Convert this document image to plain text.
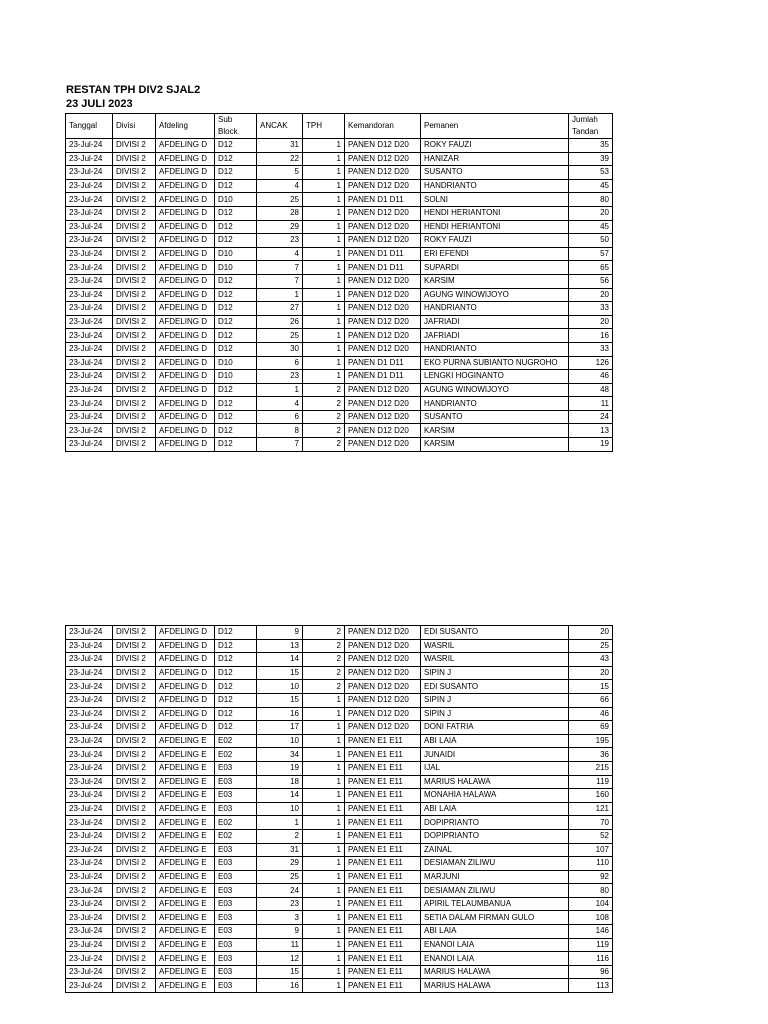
RESTAN TPH DIV2 SJAL2
23 JULI 2023
Tanggal	Divisi	Afdeling	Sub Block	ANCAK	TPH	Kemandoran	Pemanen	Jumlah Tandan
23-Jul-24	DIVISI 2	AFDELING D	D12	31	1	PANEN D12 D20	ROKY FAUZI	35
23-Jul-24	DIVISI 2	AFDELING D	D12	22	1	PANEN D12 D20	HANIZAR	39
23-Jul-24	DIVISI 2	AFDELING D	D12	5	1	PANEN D12 D20	SUSANTO	53
23-Jul-24	DIVISI 2	AFDELING D	D12	4	1	PANEN D12 D20	HANDRIANTO	45
23-Jul-24	DIVISI 2	AFDELING D	D10	25	1	PANEN D1 D11	SOLNI	80
23-Jul-24	DIVISI 2	AFDELING D	D12	28	1	PANEN D12 D20	HENDI HERIANTONI	20
23-Jul-24	DIVISI 2	AFDELING D	D12	29	1	PANEN D12 D20	HENDI HERIANTONI	45
23-Jul-24	DIVISI 2	AFDELING D	D12	23	1	PANEN D12 D20	ROKY FAUZI	50
23-Jul-24	DIVISI 2	AFDELING D	D10	4	1	PANEN D1 D11	ERI EFENDI	57
23-Jul-24	DIVISI 2	AFDELING D	D10	7	1	PANEN D1 D11	SUPARDI	65
23-Jul-24	DIVISI 2	AFDELING D	D12	7	1	PANEN D12 D20	KARSIM	56
23-Jul-24	DIVISI 2	AFDELING D	D12	1	1	PANEN D12 D20	AGUNG WINOWIJOYO	20
23-Jul-24	DIVISI 2	AFDELING D	D12	27	1	PANEN D12 D20	HANDRIANTO	33
23-Jul-24	DIVISI 2	AFDELING D	D12	26	1	PANEN D12 D20	JAFRIADI	20
23-Jul-24	DIVISI 2	AFDELING D	D12	25	1	PANEN D12 D20	JAFRIADI	16
23-Jul-24	DIVISI 2	AFDELING D	D12	30	1	PANEN D12 D20	HANDRIANTO	33
23-Jul-24	DIVISI 2	AFDELING D	D10	6	1	PANEN D1 D11	EKO PURNA SUBIANTO NUGROHO	126
23-Jul-24	DIVISI 2	AFDELING D	D10	23	1	PANEN D1 D11	LENGKI HOGINANTO	46
23-Jul-24	DIVISI 2	AFDELING D	D12	1	2	PANEN D12 D20	AGUNG WINOWIJOYO	48
23-Jul-24	DIVISI 2	AFDELING D	D12	4	2	PANEN D12 D20	HANDRIANTO	11
23-Jul-24	DIVISI 2	AFDELING D	D12	6	2	PANEN D12 D20	SUSANTO	24
23-Jul-24	DIVISI 2	AFDELING D	D12	8	2	PANEN D12 D20	KARSIM	13
23-Jul-24	DIVISI 2	AFDELING D	D12	7	2	PANEN D12 D20	KARSIM	19
23-Jul-24	DIVISI 2	AFDELING D	D12	9	2	PANEN D12 D20	EDI SUSANTO	20
23-Jul-24	DIVISI 2	AFDELING D	D12	13	2	PANEN D12 D20	WASRIL	25
23-Jul-24	DIVISI 2	AFDELING D	D12	14	2	PANEN D12 D20	WASRIL	43
23-Jul-24	DIVISI 2	AFDELING D	D12	15	2	PANEN D12 D20	SIPIN J	20
23-Jul-24	DIVISI 2	AFDELING D	D12	10	2	PANEN D12 D20	EDI SUSANTO	15
23-Jul-24	DIVISI 2	AFDELING D	D12	15	1	PANEN D12 D20	SIPIN J	66
23-Jul-24	DIVISI 2	AFDELING D	D12	16	1	PANEN D12 D20	SIPIN J	46
23-Jul-24	DIVISI 2	AFDELING D	D12	17	1	PANEN D12 D20	DONI FATRIA	69
23-Jul-24	DIVISI 2	AFDELING E	E02	10	1	PANEN E1 E11	ABI LAIA	195
23-Jul-24	DIVISI 2	AFDELING E	E02	34	1	PANEN E1 E11	JUNAIDI	36
23-Jul-24	DIVISI 2	AFDELING E	E03	19	1	PANEN E1 E11	IJAL	215
23-Jul-24	DIVISI 2	AFDELING E	E03	18	1	PANEN E1 E11	MARIUS HALAWA	119
23-Jul-24	DIVISI 2	AFDELING E	E03	14	1	PANEN E1 E11	MONAHIA HALAWA	160
23-Jul-24	DIVISI 2	AFDELING E	E03	10	1	PANEN E1 E11	ABI LAIA	121
23-Jul-24	DIVISI 2	AFDELING E	E02	1	1	PANEN E1 E11	DOPIPRIANTO	70
23-Jul-24	DIVISI 2	AFDELING E	E02	2	1	PANEN E1 E11	DOPIPRIANTO	52
23-Jul-24	DIVISI 2	AFDELING E	E03	31	1	PANEN E1 E11	ZAINAL	107
23-Jul-24	DIVISI 2	AFDELING E	E03	29	1	PANEN E1 E11	DESIAMAN ZILIWU	110
23-Jul-24	DIVISI 2	AFDELING E	E03	25	1	PANEN E1 E11	MARJUNI	92
23-Jul-24	DIVISI 2	AFDELING E	E03	24	1	PANEN E1 E11	DESIAMAN ZILIWU	80
23-Jul-24	DIVISI 2	AFDELING E	E03	23	1	PANEN E1 E11	APIRIL TELAUMBANUA	104
23-Jul-24	DIVISI 2	AFDELING E	E03	3	1	PANEN E1 E11	SETIA DALAM FIRMAN GULO	108
23-Jul-24	DIVISI 2	AFDELING E	E03	9	1	PANEN E1 E11	ABI LAIA	146
23-Jul-24	DIVISI 2	AFDELING E	E03	11	1	PANEN E1 E11	ENANOI LAIA	119
23-Jul-24	DIVISI 2	AFDELING E	E03	12	1	PANEN E1 E11	ENANOI LAIA	116
23-Jul-24	DIVISI 2	AFDELING E	E03	15	1	PANEN E1 E11	MARIUS HALAWA	96
23-Jul-24	DIVISI 2	AFDELING E	E03	16	1	PANEN E1 E11	MARIUS HALAWA	113
